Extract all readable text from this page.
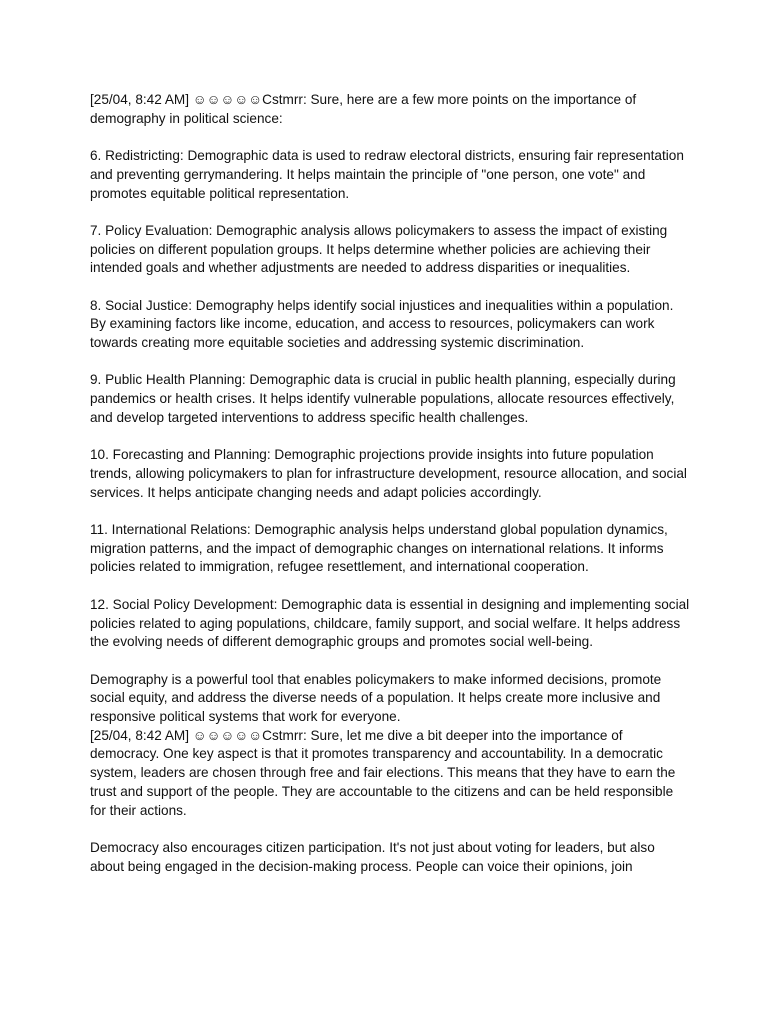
[25/04, 8:42 AM] ☺☺☺☺☺Cstmrr: Sure, here are a few more points on the importance of demography in political science:

6. Redistricting: Demographic data is used to redraw electoral districts, ensuring fair representation and preventing gerrymandering. It helps maintain the principle of "one person, one vote" and promotes equitable political representation.

7. Policy Evaluation: Demographic analysis allows policymakers to assess the impact of existing policies on different population groups. It helps determine whether policies are achieving their intended goals and whether adjustments are needed to address disparities or inequalities.

8. Social Justice: Demography helps identify social injustices and inequalities within a population. By examining factors like income, education, and access to resources, policymakers can work towards creating more equitable societies and addressing systemic discrimination.

9. Public Health Planning: Demographic data is crucial in public health planning, especially during pandemics or health crises. It helps identify vulnerable populations, allocate resources effectively, and develop targeted interventions to address specific health challenges.

10. Forecasting and Planning: Demographic projections provide insights into future population trends, allowing policymakers to plan for infrastructure development, resource allocation, and social services. It helps anticipate changing needs and adapt policies accordingly.

11. International Relations: Demographic analysis helps understand global population dynamics, migration patterns, and the impact of demographic changes on international relations. It informs policies related to immigration, refugee resettlement, and international cooperation.

12. Social Policy Development: Demographic data is essential in designing and implementing social policies related to aging populations, childcare, family support, and social welfare. It helps address the evolving needs of different demographic groups and promotes social well-being.

Demography is a powerful tool that enables policymakers to make informed decisions, promote social equity, and address the diverse needs of a population. It helps create more inclusive and responsive political systems that work for everyone.

[25/04, 8:42 AM] ☺☺☺☺☺Cstmrr: Sure, let me dive a bit deeper into the importance of democracy. One key aspect is that it promotes transparency and accountability. In a democratic system, leaders are chosen through free and fair elections. This means that they have to earn the trust and support of the people. They are accountable to the citizens and can be held responsible for their actions.

Democracy also encourages citizen participation. It's not just about voting for leaders, but also about being engaged in the decision-making process. People can voice their opinions, join
